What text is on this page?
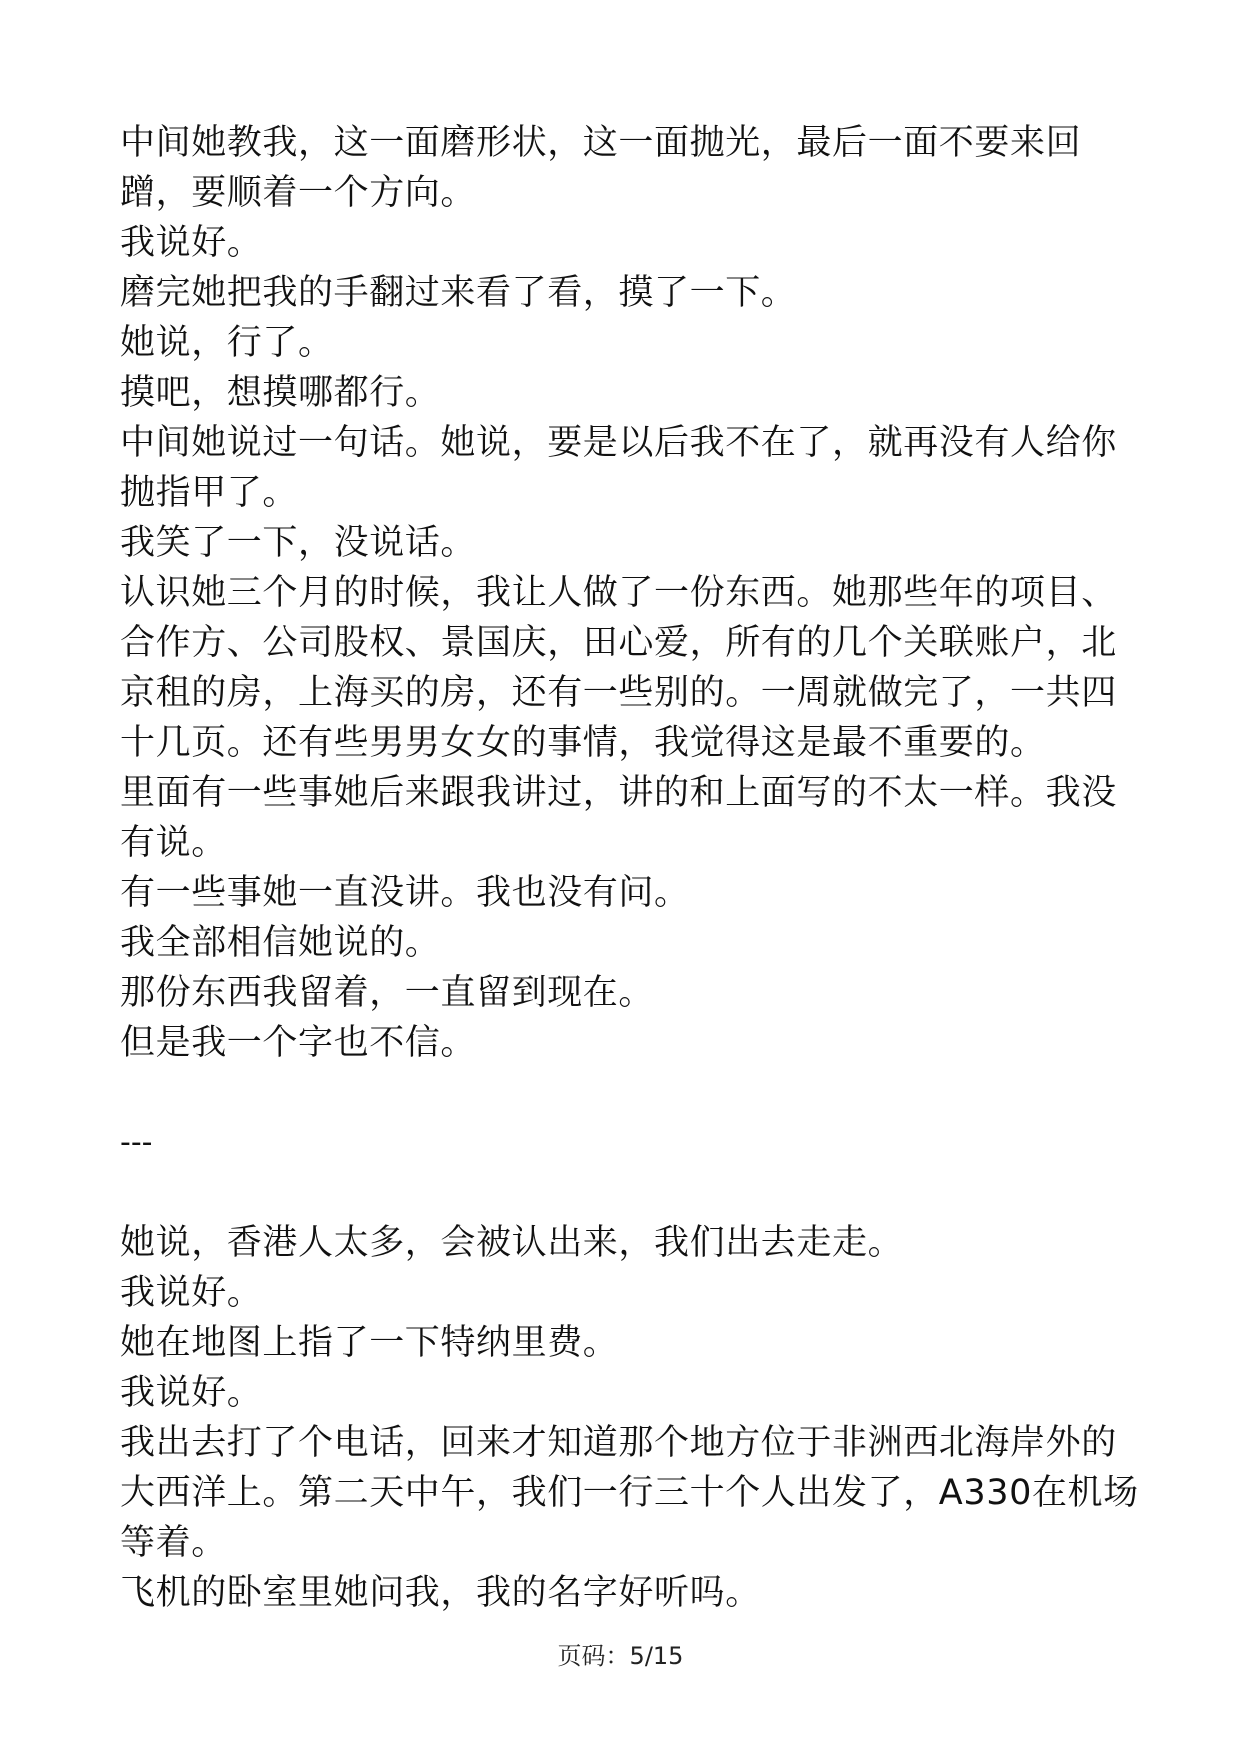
中间她教我，这一面磨形状，这一面抛光，最后一面不要来回
蹭，要顺着一个方向。

我说好。

磨完她把我的手翻过来看了看，摸了一下。

她说，行了。

摸吧，想摸哪都行。

中间她说过一句话。她说，要是以后我不在了，就再没有人给你
抛指甲了。

我笑了一下，没说话。

认识她三个月的时候，我让人做了一份东西。她那些年的项目、
合作方、公司股权、景国庆，田心爱，所有的几个关联账户，北
京租的房，上海买的房，还有一些别的。一周就做完了，一共四
十几页。还有些男男女女的事情，我觉得这是最不重要的。

里面有一些事她后来跟我讲过，讲的和上面写的不太一样。我没
有说。

有一些事她一直没讲。我也没有问。

我全部相信她说的。

那份东西我留着，一直留到现在。

但是我一个字也不信。

---

她说，香港人太多，会被认出来，我们出去走走。

我说好。

她在地图上指了一下特纳里费。

我说好。

我出去打了个电话，回来才知道那个地方位于非洲西北海岸外的
大西洋上。第二天中午，我们一行三十个人出发了，A330在机场
等着。

飞机的卧室里她问我，我的名字好听吗。

页码：5/15
